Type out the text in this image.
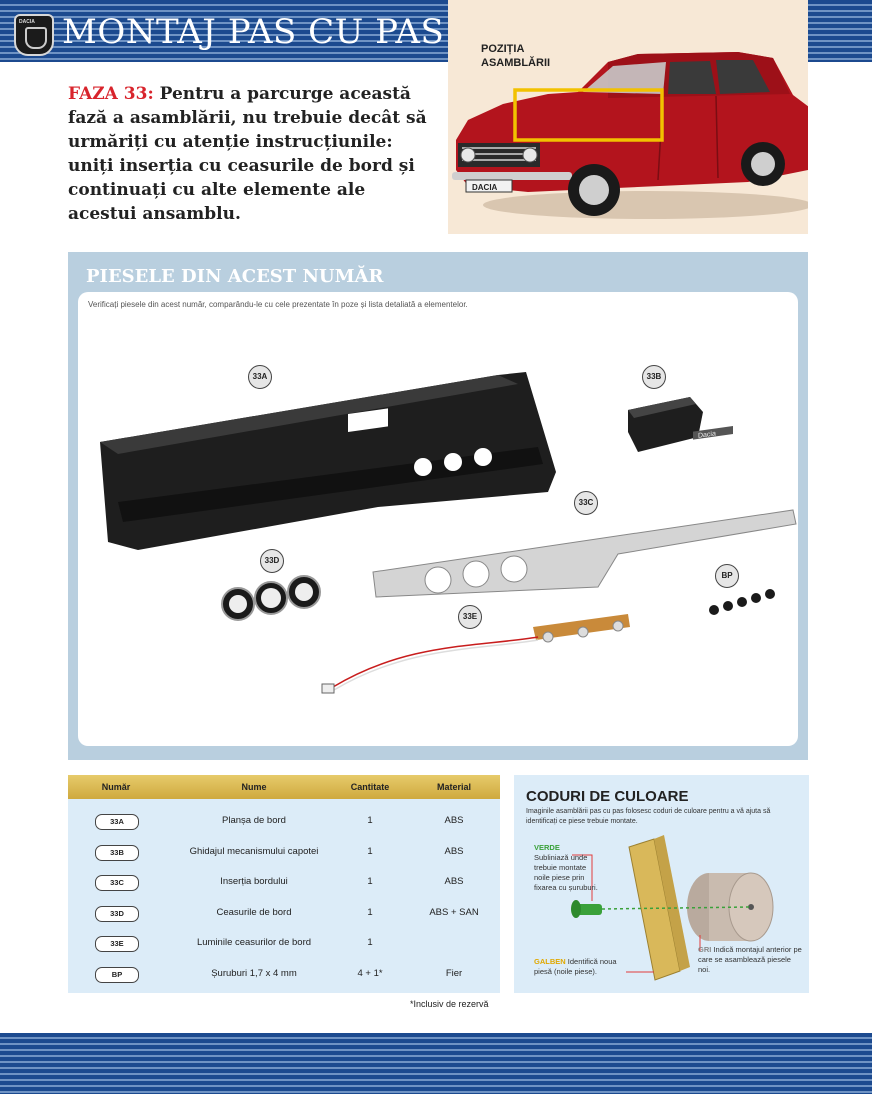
DACIA MONTAJ PAS CU PAS	POZIȚIA
ASAMBLĂRII
DACIA
FAZA 33: Pentru a parcurge această fază a asamblării, nu trebuie decât să urmăriți cu atenție instrucțiunile: uniți inserția cu ceasurile de bord și continuați cu alte elemente ale acestui ansamblu.
PIESELE DIN ACEST NUMĂR
Verificați piesele din acest număr, comparându-le cu cele prezentate în poze și lista detaliată a elementelor.
Dacia
33A	33B
33C
33D
33E
BP
Număr	Nume	Cantitate	Material
33A	Planșa de bord	1	ABS
33B	Ghidajul mecanismului capotei	1	ABS
33C	Inserția bordului	1	ABS
33D	Ceasurile de bord	1	ABS + SAN
33E	Luminile ceasurilor de bord	1
BP	Șuruburi 1,7 x 4 mm	4 + 1*	Fier
*Inclusiv de rezervă
CODURI DE CULOARE
Imaginile asamblării pas cu pas folosesc coduri de culoare pentru a vă ajuta să identificați ce piese trebuie montate.
VERDE
Subliniază unde trebuie montate noile piese prin fixarea cu șuruburi.
GALBEN Identifică noua piesă (noile piese).
GRI Indică montajul anterior pe care se asamblează piesele noi.
